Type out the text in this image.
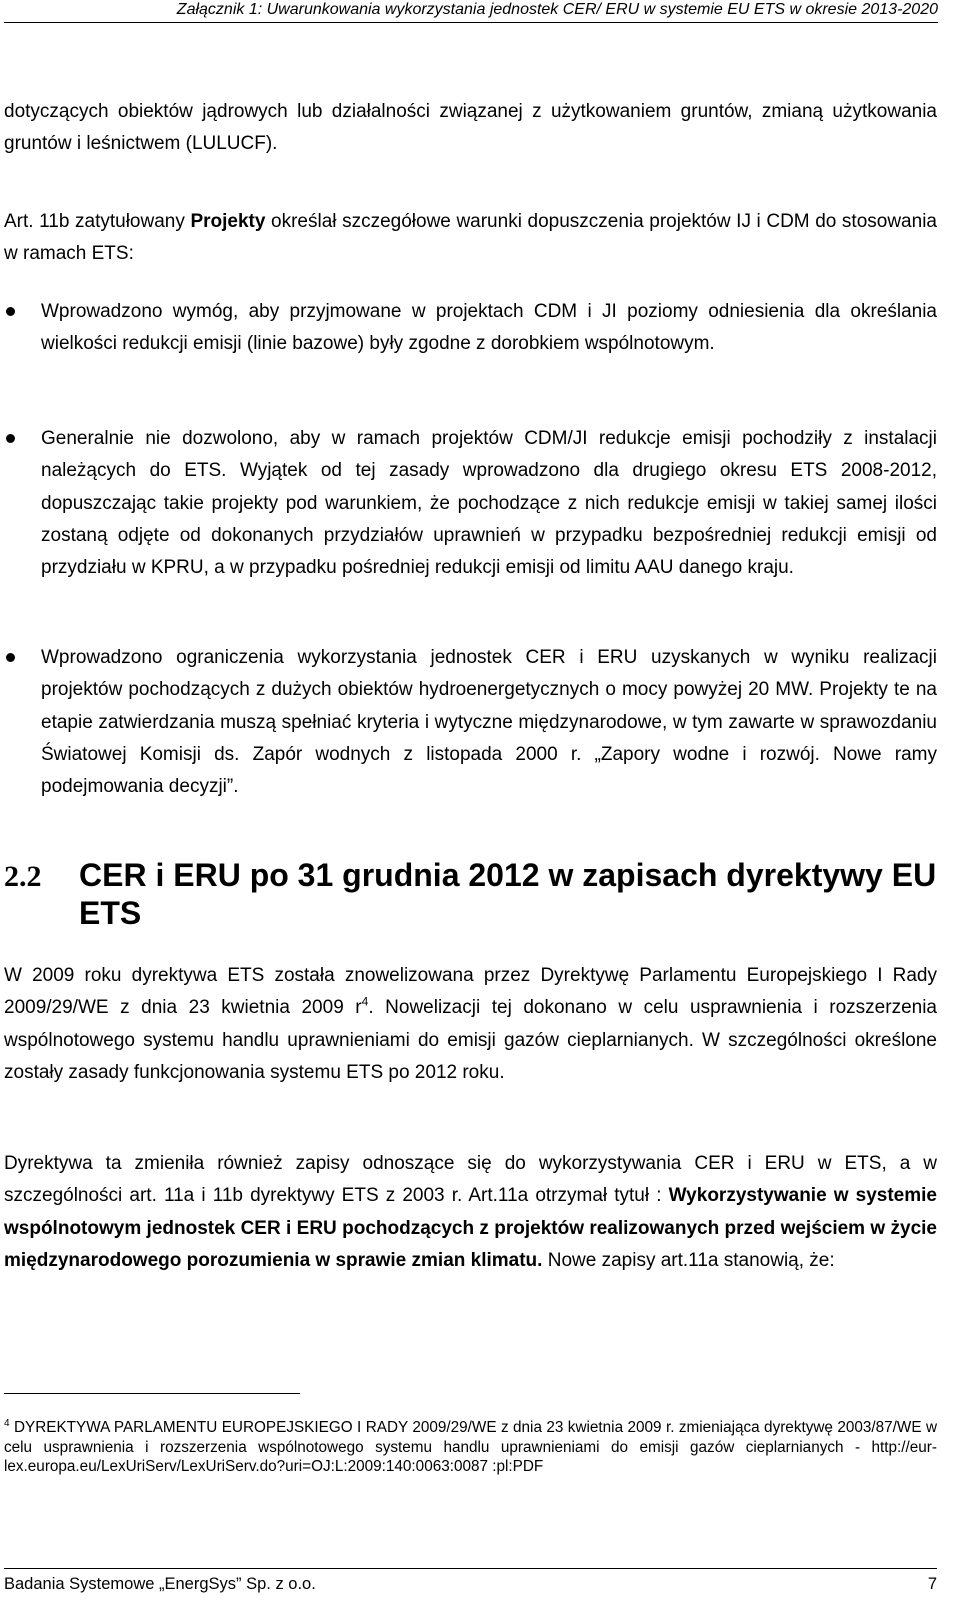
Załącznik 1: Uwarunkowania wykorzystania jednostek CER/ ERU w systemie EU ETS w okresie 2013-2020
dotyczących obiektów jądrowych lub działalności związanej z użytkowaniem gruntów, zmianą użytkowania gruntów i leśnictwem (LULUCF).
Art. 11b zatytułowany Projekty określał szczegółowe warunki dopuszczenia projektów IJ i CDM do stosowania w ramach ETS:
Wprowadzono wymóg, aby przyjmowane w projektach CDM i JI poziomy odniesienia dla określania wielkości redukcji emisji (linie bazowe) były zgodne z dorobkiem wspólnotowym.
Generalnie nie dozwolono, aby w ramach projektów CDM/JI redukcje emisji pochodziły z instalacji należących do ETS. Wyjątek od tej zasady wprowadzono dla drugiego okresu ETS 2008-2012, dopuszczając takie projekty pod warunkiem, że pochodzące z nich redukcje emisji w takiej samej ilości zostaną odjęte od dokonanych przydziałów uprawnień w przypadku bezpośredniej redukcji emisji od przydziału w KPRU, a w przypadku pośredniej redukcji emisji od limitu AAU danego kraju.
Wprowadzono ograniczenia wykorzystania jednostek CER i ERU uzyskanych w wyniku realizacji projektów pochodzących z dużych obiektów hydroenergetycznych o mocy powyżej 20 MW. Projekty te na etapie zatwierdzania muszą spełniać kryteria i wytyczne międzynarodowe, w tym zawarte w sprawozdaniu Światowej Komisji ds. Zapór wodnych z listopada 2000 r. „Zapory wodne i rozwój. Nowe ramy podejmowania decyzji”.
2.2 CER i ERU po 31 grudnia 2012 w zapisach dyrektywy EU ETS
W 2009 roku dyrektywa ETS została znowelizowana przez Dyrektywę Parlamentu Europejskiego I Rady 2009/29/WE z dnia 23 kwietnia 2009 $r^4$. Nowelizacji tej dokonano w celu usprawnienia i rozszerzenia wspólnotowego systemu handlu uprawnieniami do emisji gazów cieplarnianych. W szczególności określone zostały zasady funkcjonowania systemu ETS po 2012 roku.
Dyrektywa ta zmieniła również zapisy odnoszące się do wykorzystywania CER i ERU w ETS, a w szczególności art. 11a i 11b dyrektywy ETS z 2003 r. Art.11a otrzymał tytuł : Wykorzystywanie w systemie wspólnotowym jednostek CER i ERU pochodzących z projektów realizowanych przed wejściem w życie międzynarodowego porozumienia w sprawie zmian klimatu. Nowe zapisy art.11a stanowią, że:
$^4$ DYREKTYWA PARLAMENTU EUROPEJSKIEGO I RADY 2009/29/WE z dnia 23 kwietnia 2009 r. zmieniająca dyrektywę 2003/87/WE w celu usprawnienia i rozszerzenia wspólnotowego systemu handlu uprawnieniami do emisji gazów cieplarnianych - http://eur-lex.europa.eu/LexUriServ/LexUriServ.do?uri=OJ:L:2009:140:0063:0087 :pl:PDF
Badania Systemowe „EnergSys” Sp. z o.o.	7
